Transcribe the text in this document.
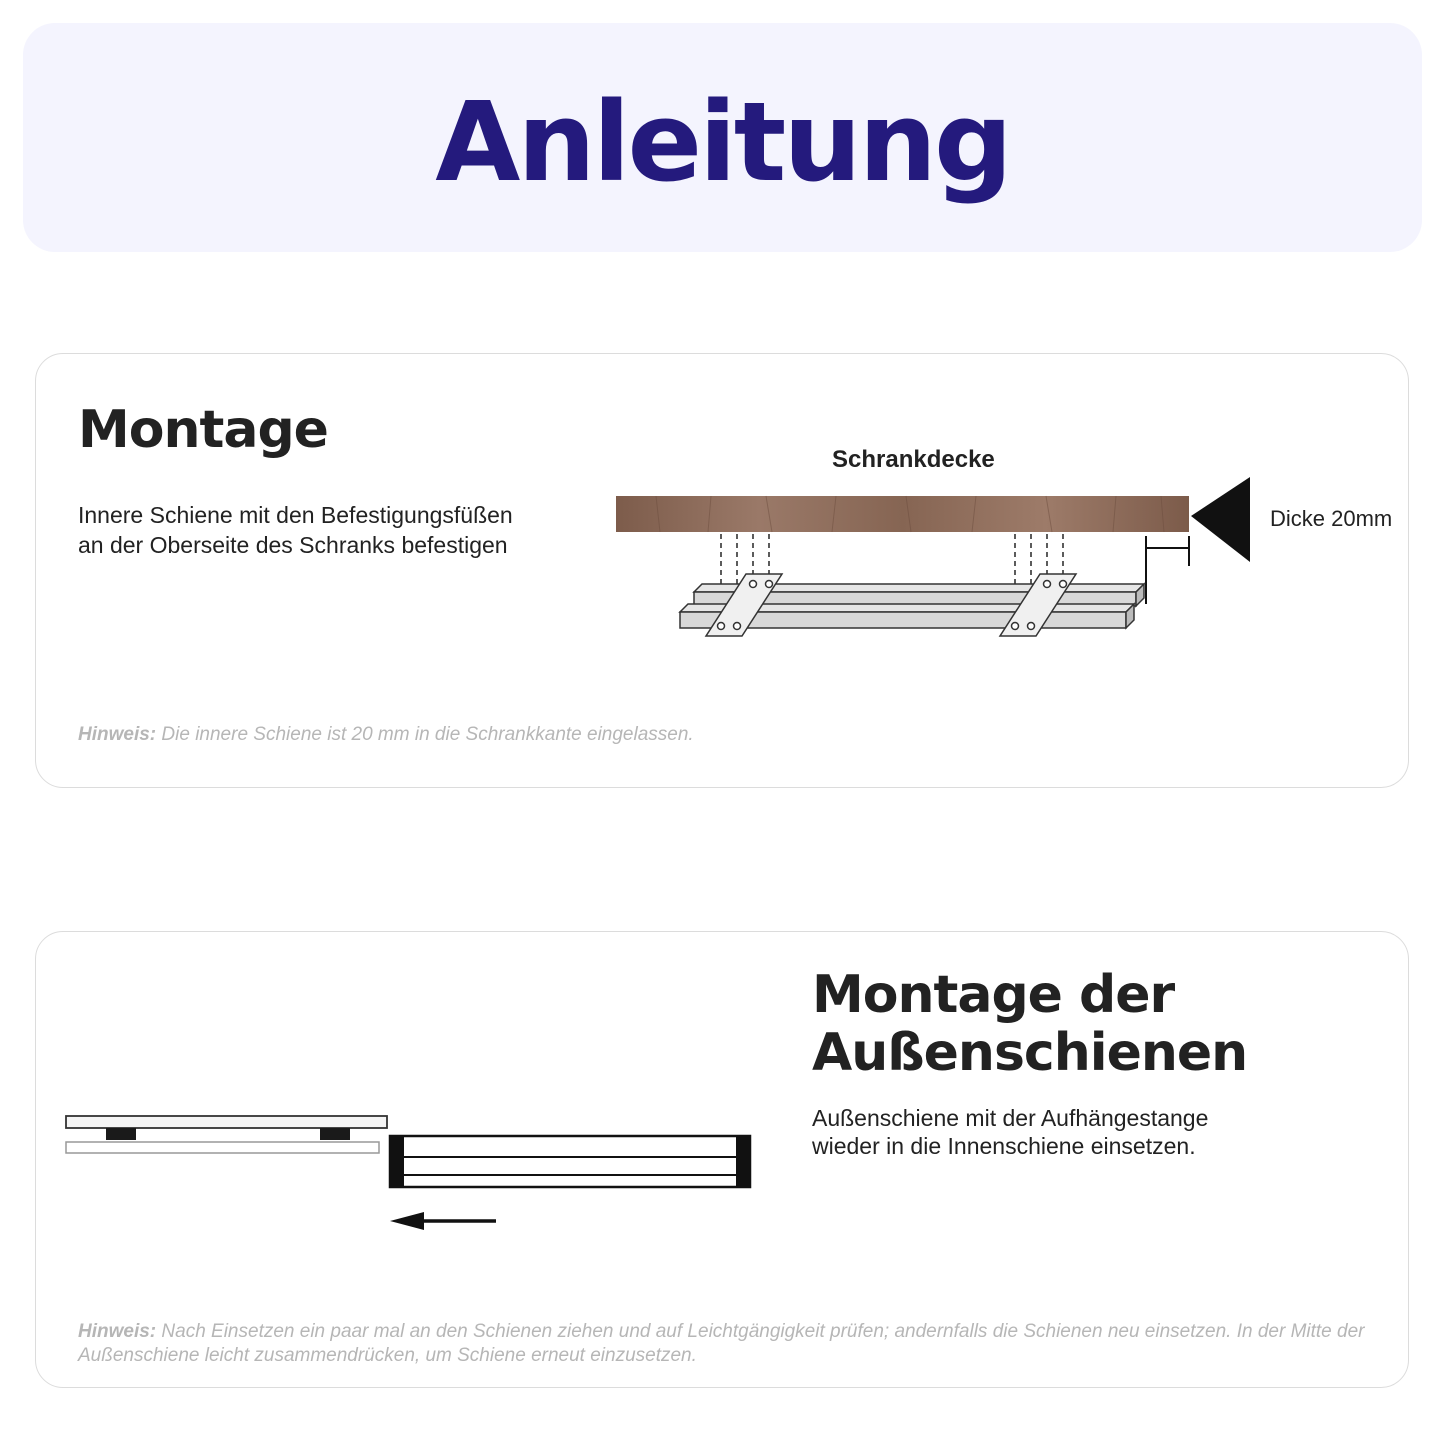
Anleitung
Montage
Innere Schiene mit den Befestigungsfüßen an der Oberseite des Schranks befestigen
Schrankdecke
Dicke 20mm
Hinweis: Die innere Schiene ist 20 mm in die Schrankkante eingelassen.
Montage der
Außenschienen
Außenschiene mit der Aufhängestange wieder in die Innenschiene einsetzen.
Hinweis: Nach Einsetzen ein paar mal an den Schienen ziehen und auf Leichtgängigkeit prüfen; andernfalls die Schienen neu einsetzen. In der Mitte der Außenschiene leicht zusammendrücken, um Schiene erneut einzusetzen.
